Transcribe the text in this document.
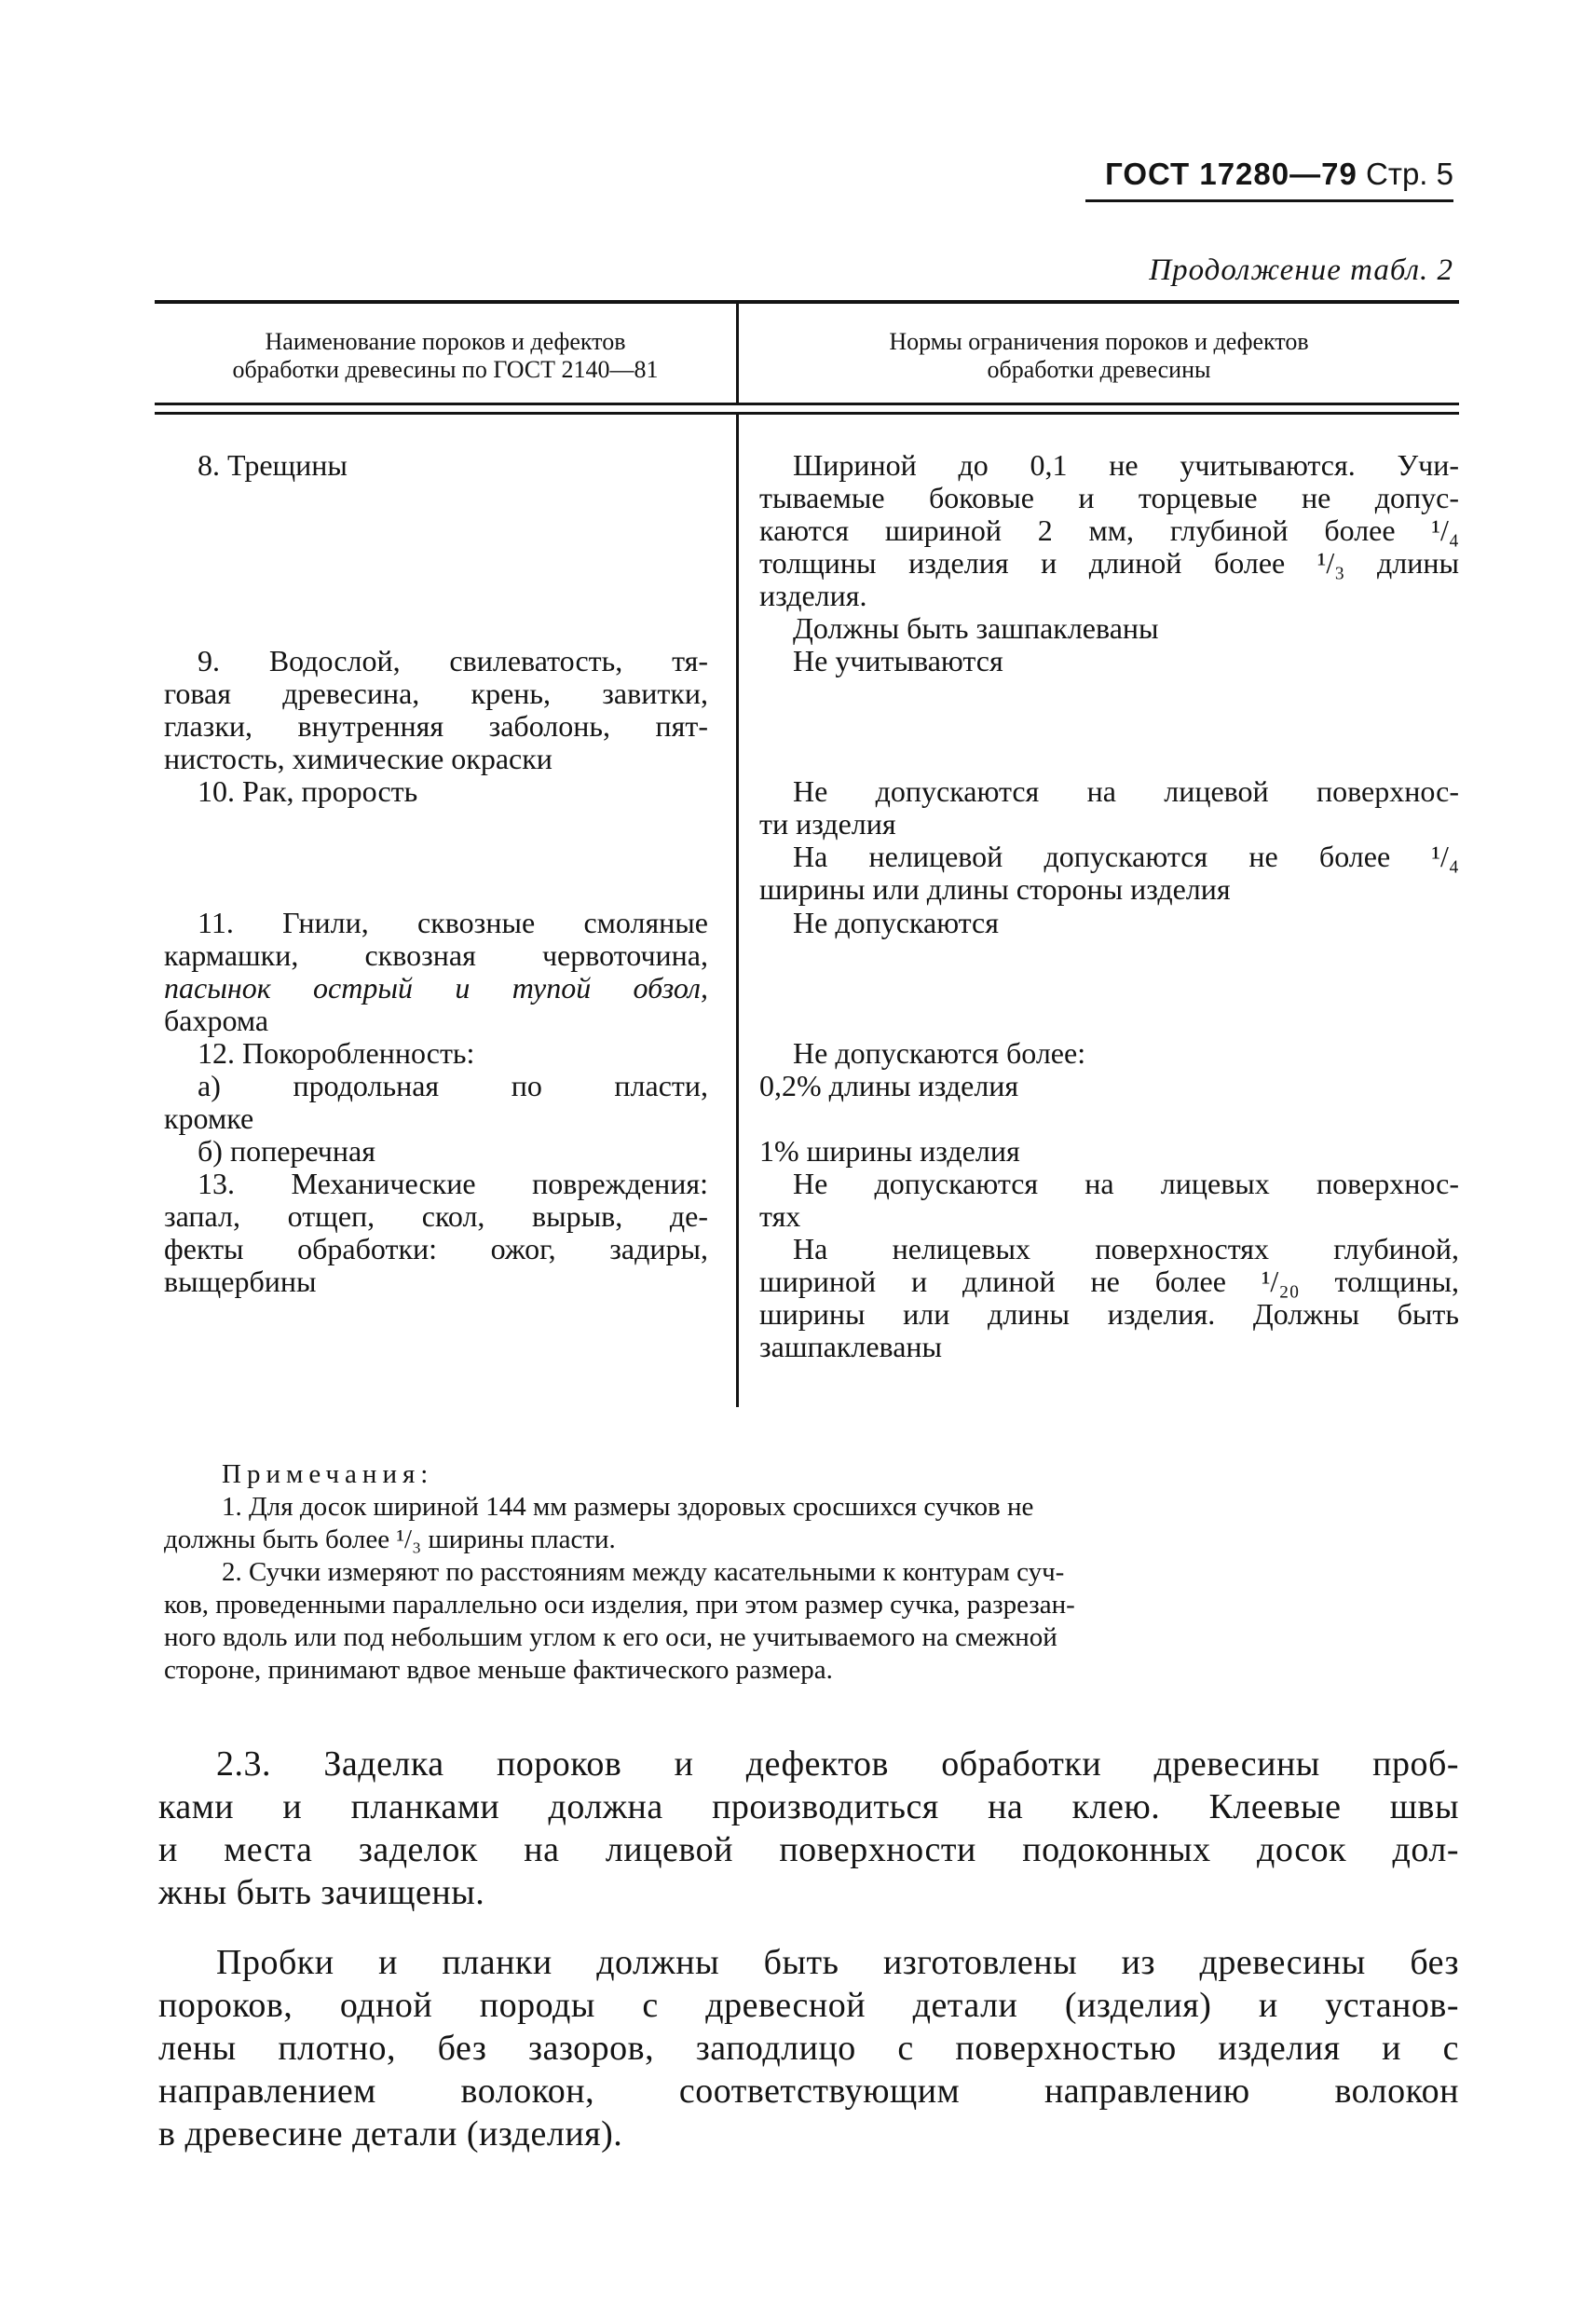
ГОСТ 17280—79 Стр. 5
Продолжение табл. 2
Наименование пороков и дефектов
обработки древесины по ГОСТ 2140—81
Нормы ограничения пороков и дефектов
обработки древесины

8. Трещины

9. Водослой, свилеватость, тя-

говая древесина, крень, завитки,

глазки, внутренняя заболонь, пят-

нистость, химические окраски

10. Рак, прорость

11. Гнили, сквозные смоляные

кармашки, сквозная червоточина,

пасынок острый и тупой обзол,

бахрома

12. Покоробленность:

а) продольная по пласти,

кромке

б) поперечная

13. Механические повреждения:

запал, отщеп, скол, вырыв, де-

фекты обработки: ожог, задиры,

выщербины

Шириной до 0,1 не учитываются. Учи-

тываемые боковые и торцевые не допус-

каются шириной 2 мм, глубиной более ¹/₄

толщины изделия и длиной более ¹/₃ длины

изделия.

Должны быть зашпаклеваны

Не учитываются

Не допускаются на лицевой поверхнос-

ти изделия

На нелицевой допускаются не более ¹/₄

ширины или длины стороны изделия

Не допускаются

Не допускаются более:

0,2% длины изделия

1% ширины изделия

Не допускаются на лицевых поверхнос-

тях

На нелицевых поверхностях глубиной,

шириной и длиной не более ¹/₂₀ толщины,

ширины или длины изделия. Должны быть

зашпаклеваны

Примечания:

1. Для досок шириной 144 мм размеры здоровых сросшихся сучков не

должны быть более ¹/₃ ширины пласти.

2. Сучки измеряют по расстояниям между касательными к контурам суч-

ков, проведенными параллельно оси изделия, при этом размер сучка, разрезан-

ного вдоль или под небольшим углом к его оси, не учитываемого на смежной

стороне, принимают вдвое меньше фактического размера.

2.3. Заделка пороков и дефектов обработки древесины проб-

ками и планками должна производиться на клею. Клеевые швы

и места заделок на лицевой поверхности подоконных досок дол-

жны быть зачищены.

Пробки и планки должны быть изготовлены из древесины без

пороков, одной породы с древесной детали (изделия) и установ-

лены плотно, без зазоров, заподлицо с поверхностью изделия и с

направлением волокон, соответствующим направлению волокон

в древесине детали (изделия).
